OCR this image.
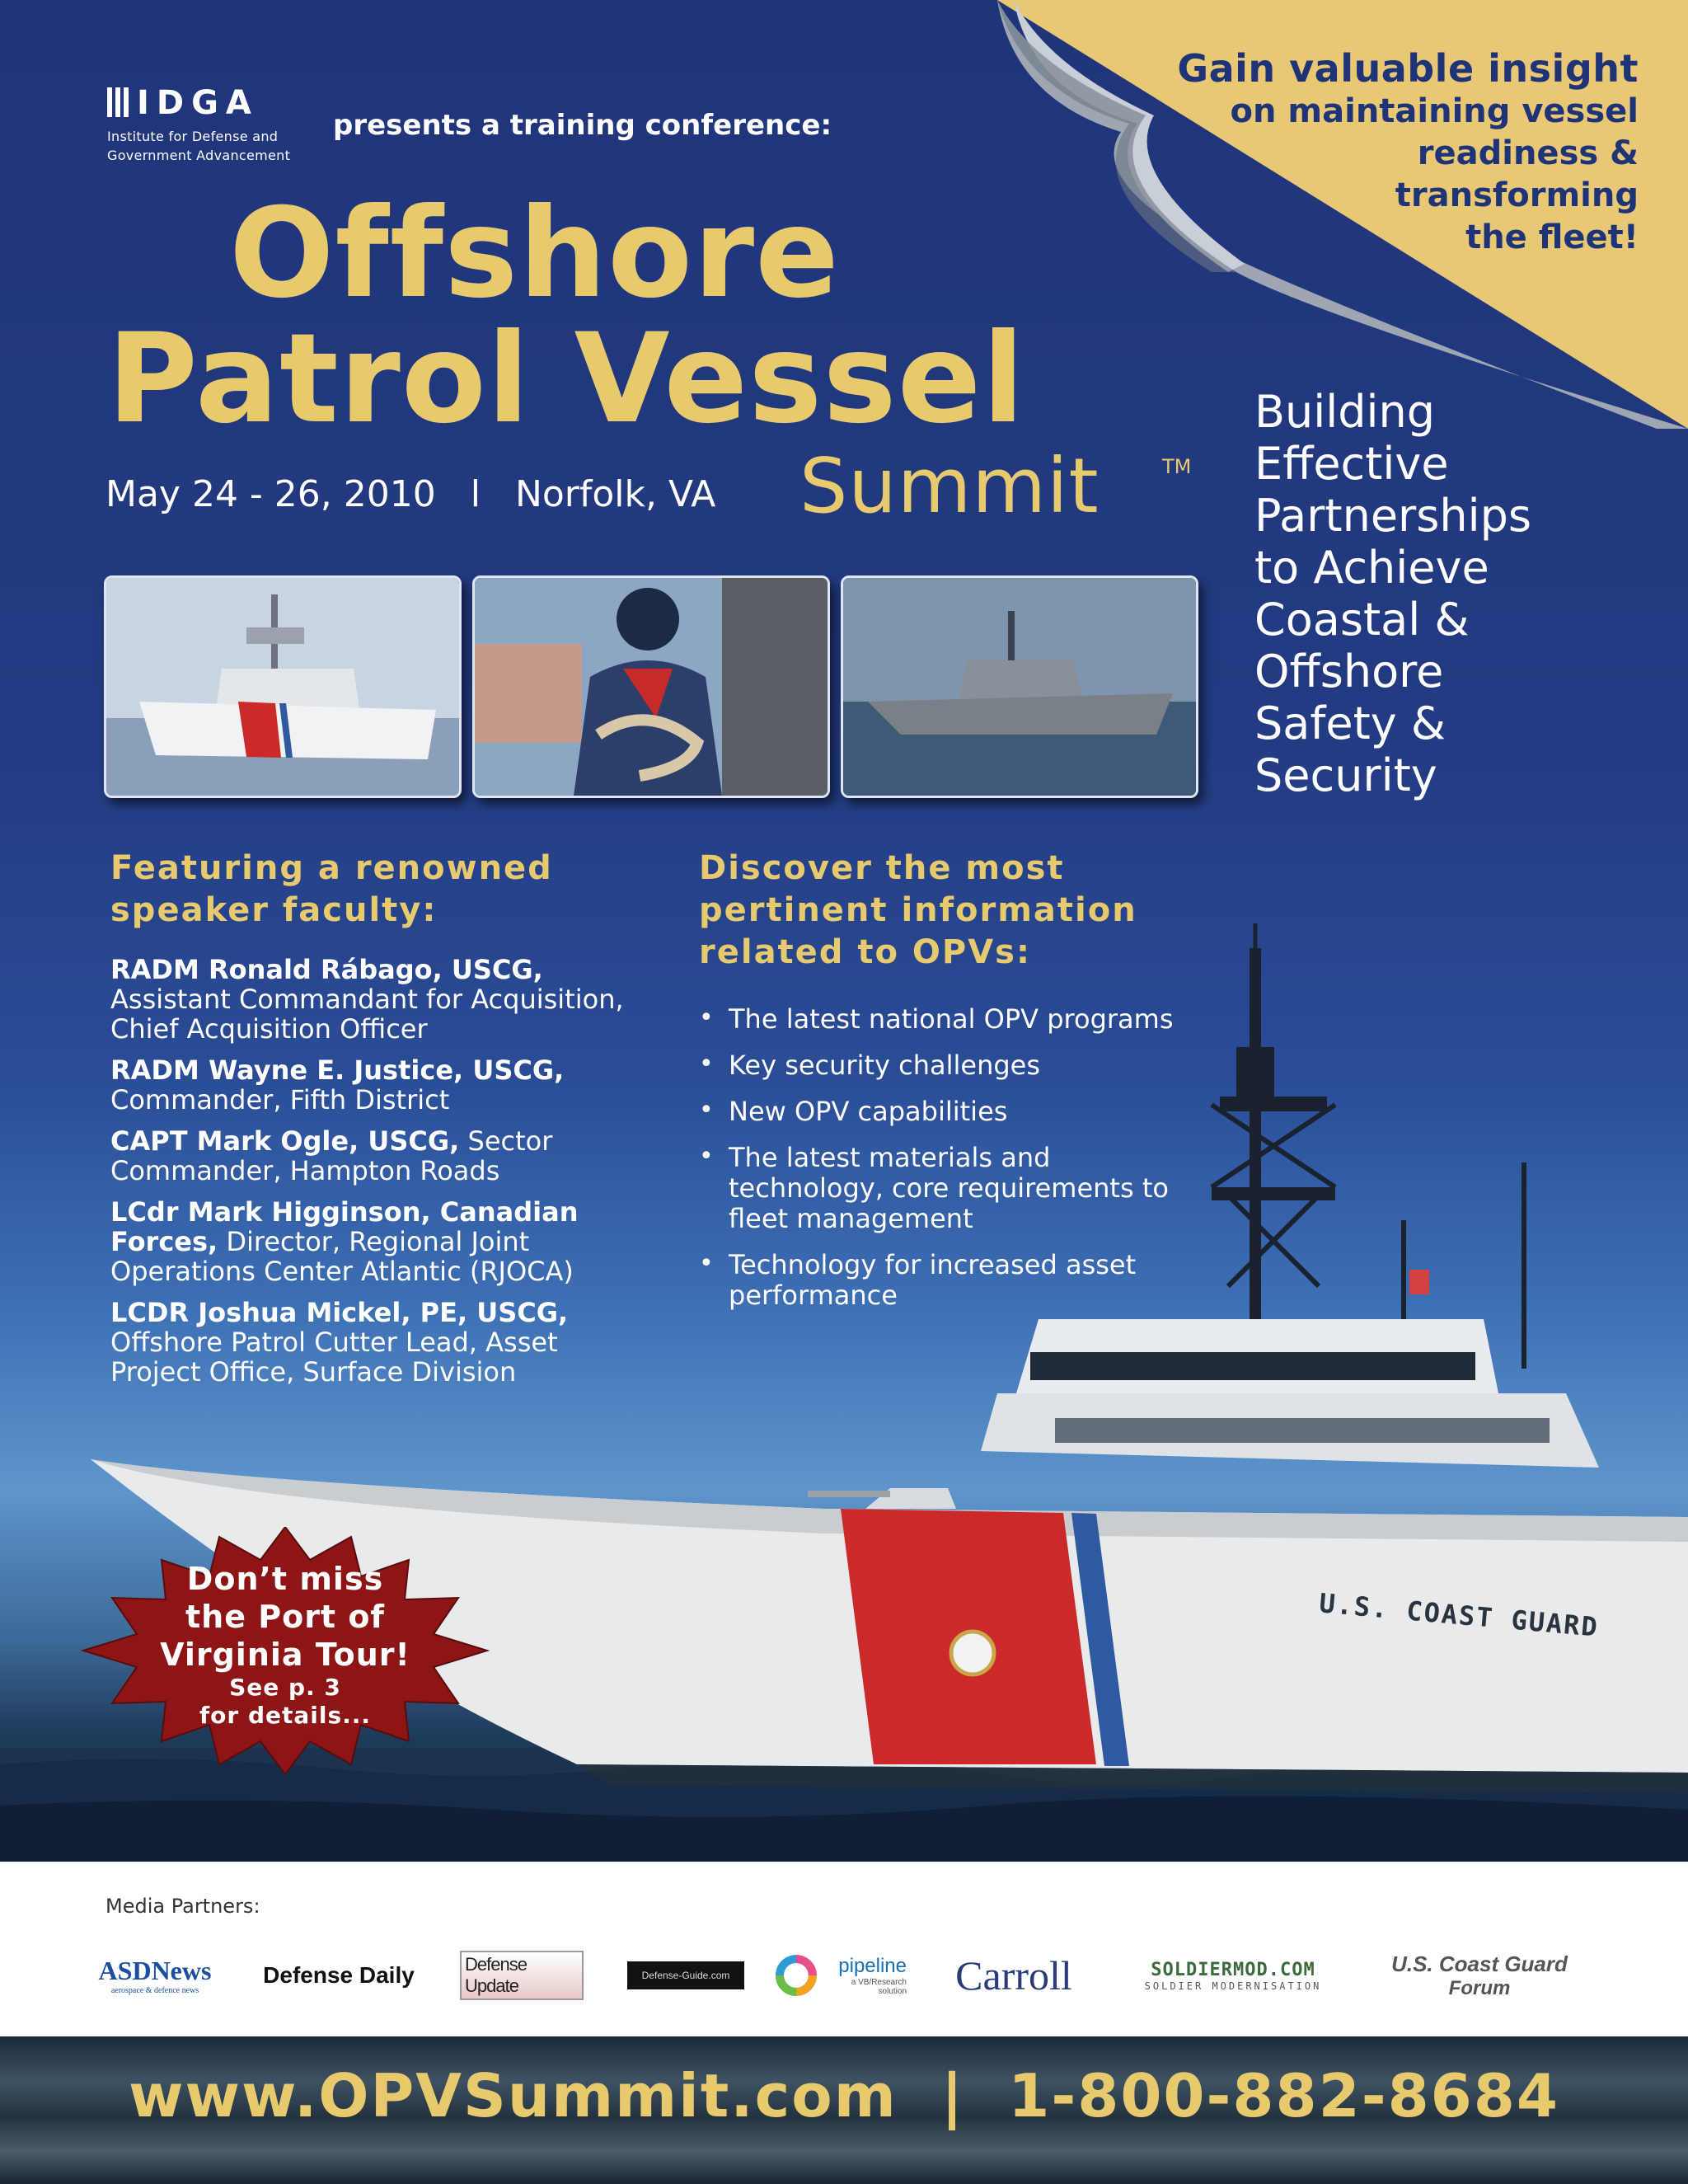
U.S. COAST GUARD
Gain valuable insight
on maintaining vessel
readiness &
transforming
the fleet!
IDGA
Institute for Defense and
Government Advancement
presents a training conference:
Offshore
Patrol Vessel
Summit	TM
May 24 - 26, 2010 l Norfolk, VA
Building
Effective
Partnerships
to Achieve
Coastal &
Offshore
Safety &
Security
Featuring a renowned
speaker faculty:
RADM Ronald Rábago, USCG, Assistant Commandant for Acquisition, Chief Acquisition Officer
RADM Wayne E. Justice, USCG, Commander, Fifth District
CAPT Mark Ogle, USCG, Sector Commander, Hampton Roads
LCdr Mark Higginson, Canadian Forces, Director, Regional Joint Operations Center Atlantic (RJOCA)
LCDR Joshua Mickel, PE, USCG, Offshore Patrol Cutter Lead, Asset Project Office, Surface Division
Discover the most
pertinent information
related to OPVs:
• The latest national OPV programs
• Key security challenges
• New OPV capabilities
• The latest materials and technology, core requirements to fleet management
• Technology for increased asset performance
Don’t miss
the Port of
Virginia Tour!
See p. 3
for details...
Media Partners:
ASDNews
aerospace & defence news
Defense Daily	Defense Update	Defense-Guide.com	pipeline
a VB/Research solution Carroll	SOLDIERMOD.COM
SOLDIER MODERNISATION
U.S. Coast Guard
Forum
www.OPVSummit.com | 1-800-882-8684
